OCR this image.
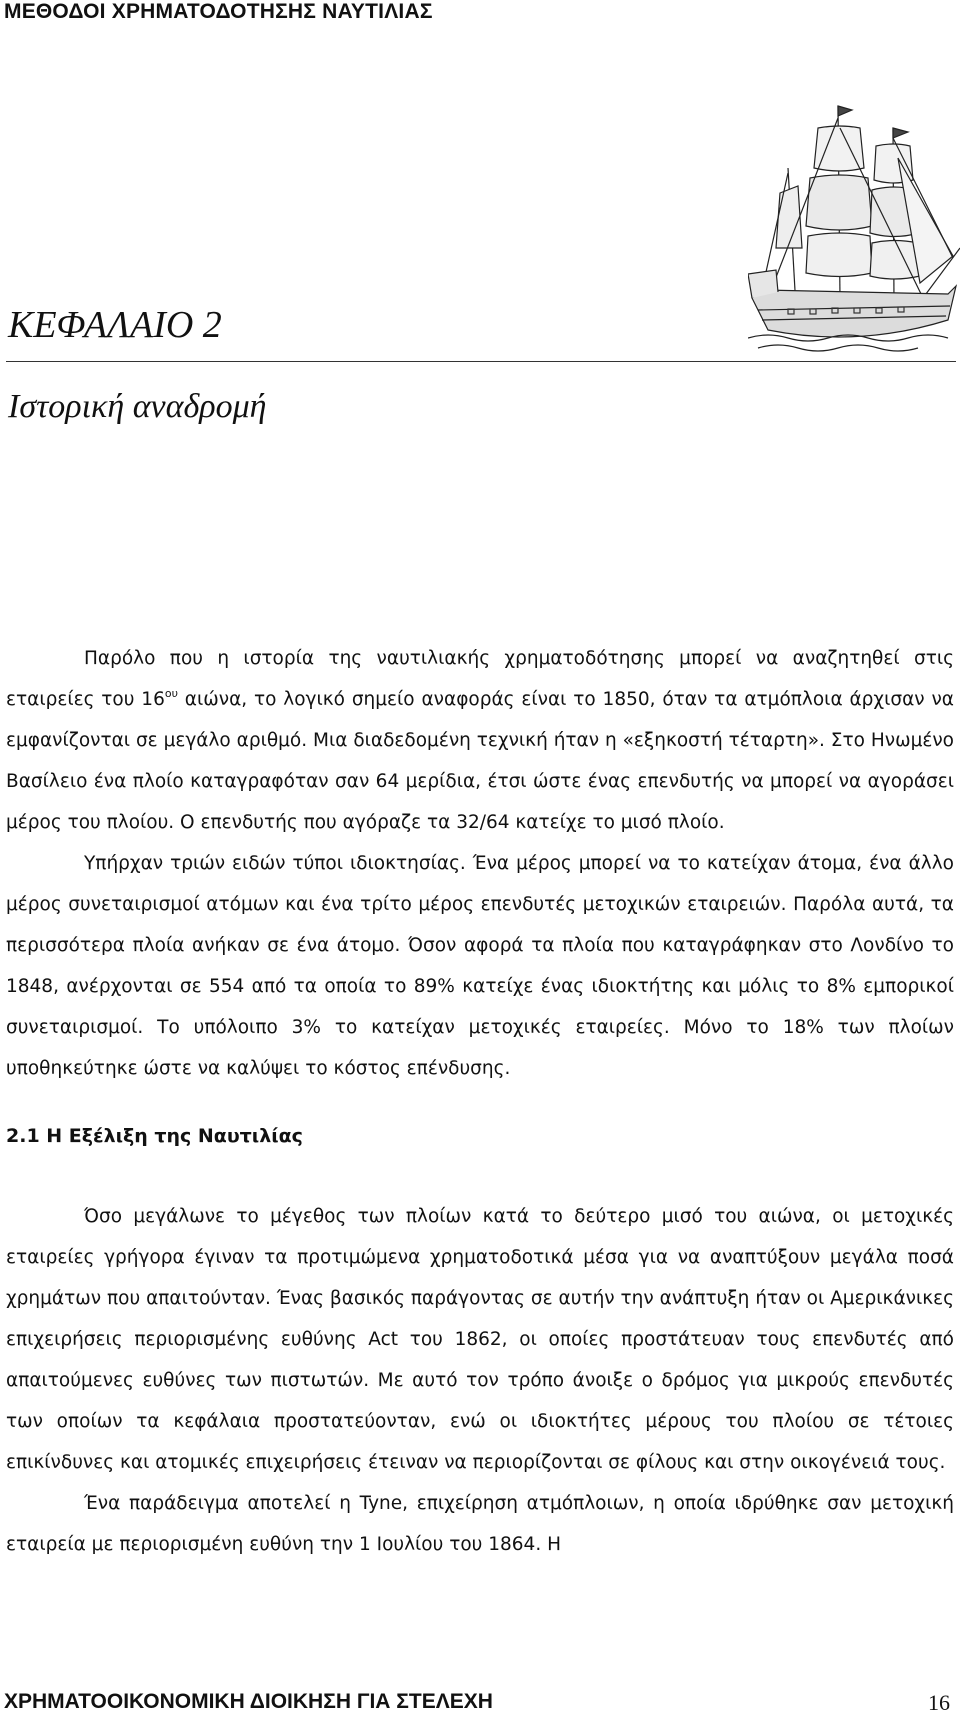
ΜΕΘΟΔΟΙ ΧΡΗΜΑΤΟΔΟΤΗΣΗΣ ΝΑΥΤΙΛΙΑΣ
ΚΕΦΑΛΑΙΟ 2
Ιστορική αναδρομή

Παρόλο που η ιστορία της ναυτιλιακής χρηματοδότησης μπορεί να αναζητηθεί στις εταιρείες του $16^{o\upsilon}$ αιώνα, το λογικό σημείο αναφοράς είναι το 1850, όταν τα ατμόπλοια άρχισαν να εμφανίζονται σε μεγάλο αριθμό. Μια διαδεδομένη τεχνική ήταν η «εξηκοστή τέταρτη». Στο Ηνωμένο Βασίλειο ένα πλοίο καταγραφόταν σαν 64 μερίδια, έτσι ώστε ένας επενδυτής να μπορεί να αγοράσει μέρος του πλοίου. Ο επενδυτής που αγόραζε τα 32/64 κατείχε το μισό πλοίο.

Υπήρχαν τριών ειδών τύποι ιδιοκτησίας. Ένα μέρος μπορεί να το κατείχαν άτομα, ένα άλλο μέρος συνεταιρισμοί ατόμων και ένα τρίτο μέρος επενδυτές μετοχικών εταιρειών. Παρόλα αυτά, τα περισσότερα πλοία ανήκαν σε ένα άτομο. Όσον αφορά τα πλοία που καταγράφηκαν στο Λονδίνο το 1848, ανέρχονται σε 554 από τα οποία το 89% κατείχε ένας ιδιοκτήτης και μόλις το 8% εμπορικοί συνεταιρισμοί. Το υπόλοιπο 3% το κατείχαν μετοχικές εταιρείες. Μόνο το 18% των πλοίων υποθηκεύτηκε ώστε να καλύψει το κόστος επένδυσης.

2.1 Η Εξέλιξη της Ναυτιλίας

Όσο μεγάλωνε το μέγεθος των πλοίων κατά το δεύτερο μισό του αιώνα, οι μετοχικές εταιρείες γρήγορα έγιναν τα προτιμώμενα χρηματοδοτικά μέσα για να αναπτύξουν μεγάλα ποσά χρημάτων που απαιτούνταν. Ένας βασικός παράγοντας σε αυτήν την ανάπτυξη ήταν οι Αμερικάνικες επιχειρήσεις περιορισμένης ευθύνης Act του 1862, οι οποίες προστάτευαν τους επενδυτές από απαιτούμενες ευθύνες των πιστωτών. Με αυτό τον τρόπο άνοιξε ο δρόμος για μικρούς επενδυτές των οποίων τα κεφάλαια προστατεύονταν, ενώ οι ιδιοκτήτες μέρους του πλοίου σε τέτοιες επικίνδυνες και ατομικές επιχειρήσεις έτειναν να περιορίζονται σε φίλους και στην οικογένειά τους.

Ένα παράδειγμα αποτελεί η Tyne, επιχείρηση ατμόπλοιων, η οποία ιδρύθηκε σαν μετοχική εταιρεία με περιορισμένη ευθύνη την 1 Ιουλίου του 1864. Η

ΧΡΗΜΑΤΟΟΙΚΟΝΟΜΙΚΗ ΔΙΟΙΚΗΣΗ ΓΙΑ ΣΤΕΛΕΧΗ	16
